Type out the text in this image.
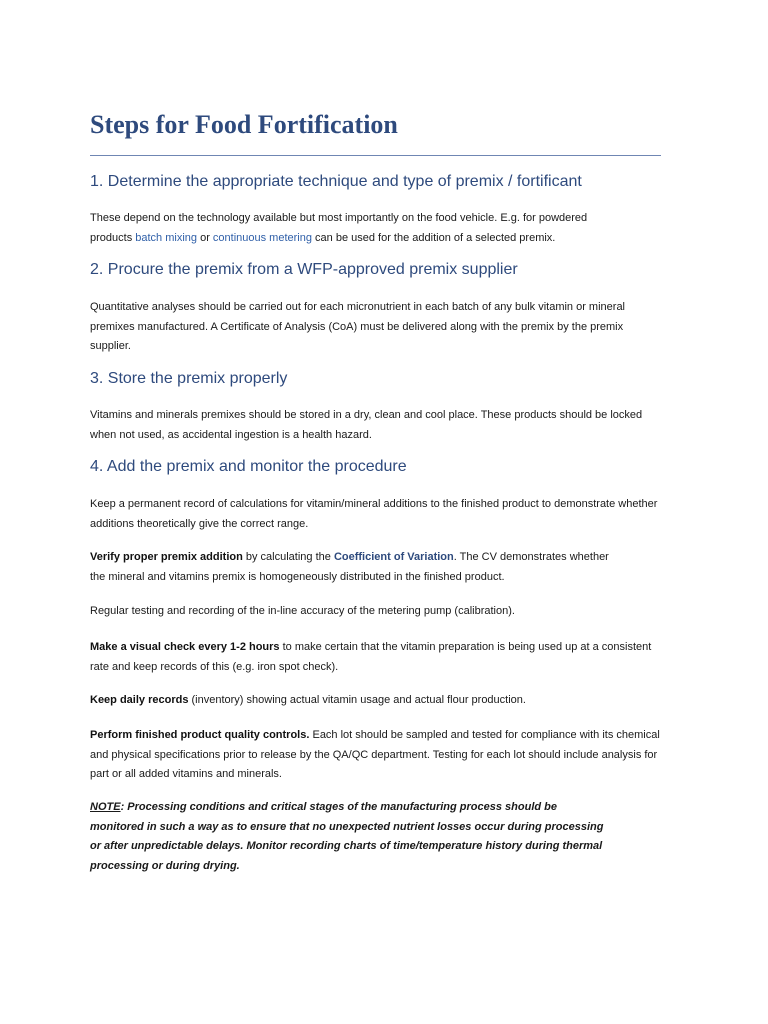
Steps for Food Fortification
1. Determine the appropriate technique and type of premix / fortificant

These depend on the technology available but most importantly on the food vehicle. E.g. for powdered
products batch mixing or continuous metering can be used for the addition of a selected premix.

2. Procure the premix from a WFP-approved premix supplier

Quantitative analyses should be carried out for each micronutrient in each batch of any bulk vitamin or mineral
premixes manufactured. A Certificate of Analysis (CoA) must be delivered along with the premix by the premix
supplier.

3. Store the premix properly

Vitamins and minerals premixes should be stored in a dry, clean and cool place. These products should be locked
when not used, as accidental ingestion is a health hazard.

4. Add the premix and monitor the procedure

Keep a permanent record of calculations for vitamin/mineral additions to the finished product to demonstrate whether
additions theoretically give the correct range.

Verify proper premix addition by calculating the Coefficient of Variation. The CV demonstrates whether
the mineral and vitamins premix is homogeneously distributed in the finished product.

Regular testing and recording of the in-line accuracy of the metering pump (calibration).

Make a visual check every 1-2 hours to make certain that the vitamin preparation is being used up at a consistent
rate and keep records of this (e.g. iron spot check).

Keep daily records (inventory) showing actual vitamin usage and actual flour production.

Perform finished product quality controls. Each lot should be sampled and tested for compliance with its chemical
and physical specifications prior to release by the QA/QC department. Testing for each lot should include analysis for
part or all added vitamins and minerals.

NOTE: Processing conditions and critical stages of the manufacturing process should be
monitored in such a way as to ensure that no unexpected nutrient losses occur during processing
or after unpredictable delays. Monitor recording charts of time/temperature history during thermal
processing or during drying.
